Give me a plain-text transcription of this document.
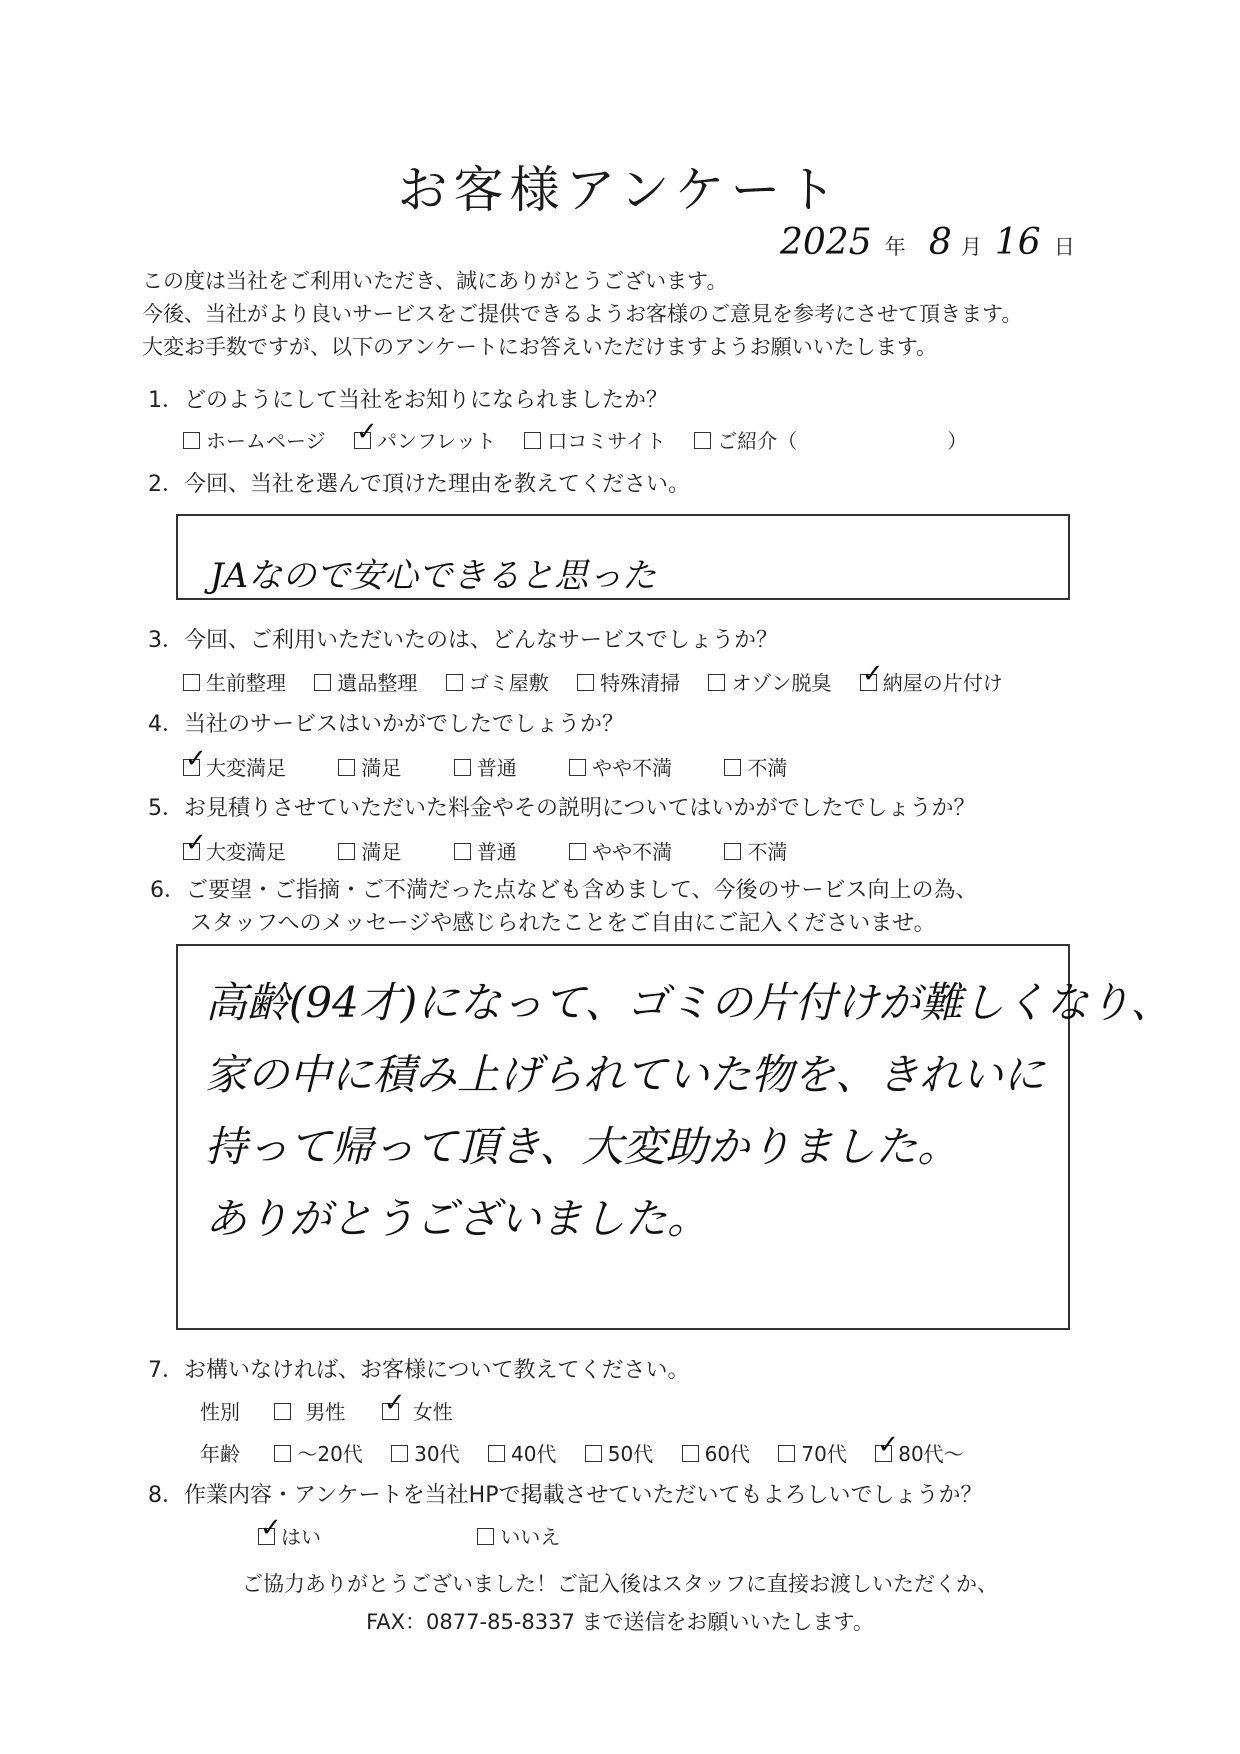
お客様アンケート
2025 年 8 月 16 日
この度は当社をご利用いただき、誠にありがとうございます。
今後、当社がより良いサービスをご提供できるようお客様のご意見を参考にさせて頂きます。
大変お手数ですが、以下のアンケートにお答えいただけますようお願いいたします。
1．どのようにして当社をお知りになられましたか？
ホームページ ✓	パンフレット	口コミサイト	ご紹介（	）
2．今回、当社を選んで頂けた理由を教えてください。
JAなので安心できると思った
3．今回、ご利用いただいたのは、どんなサービスでしょうか？
生前整理	遺品整理	ゴミ屋敷	特殊清掃	オゾン脱臭 ✓	納屋の片付け
4．当社のサービスはいかがでしたでしょうか？
✓大変満足	満足	普通	やや不満	不満
5．お見積りさせていただいた料金やその説明についてはいかがでしたでしょうか？
✓大変満足	満足	普通	やや不満	不満
6．ご要望・ご指摘・ご不満だった点なども含めまして、今後のサービス向上の為、
スタッフへのメッセージや感じられたことをご自由にご記入くださいませ。
高齢(94才)になって、ゴミの片付けが難しくなり、
家の中に積み上げられていた物を、きれいに
持って帰って頂き、大変助かりました。
ありがとうございました。
7．お構いなければ、お客様について教えてください。
性別	男性 ✓	女性
年齢	～20代	30代	40代	50代	60代	70代 ✓	80代～
8．作業内容・アンケートを当社HPで掲載させていただいてもよろしいでしょうか？
✓はい	いいえ
ご協力ありがとうございました！ご記入後はスタッフに直接お渡しいただくか、
FAX：0877-85-8337 まで送信をお願いいたします。
